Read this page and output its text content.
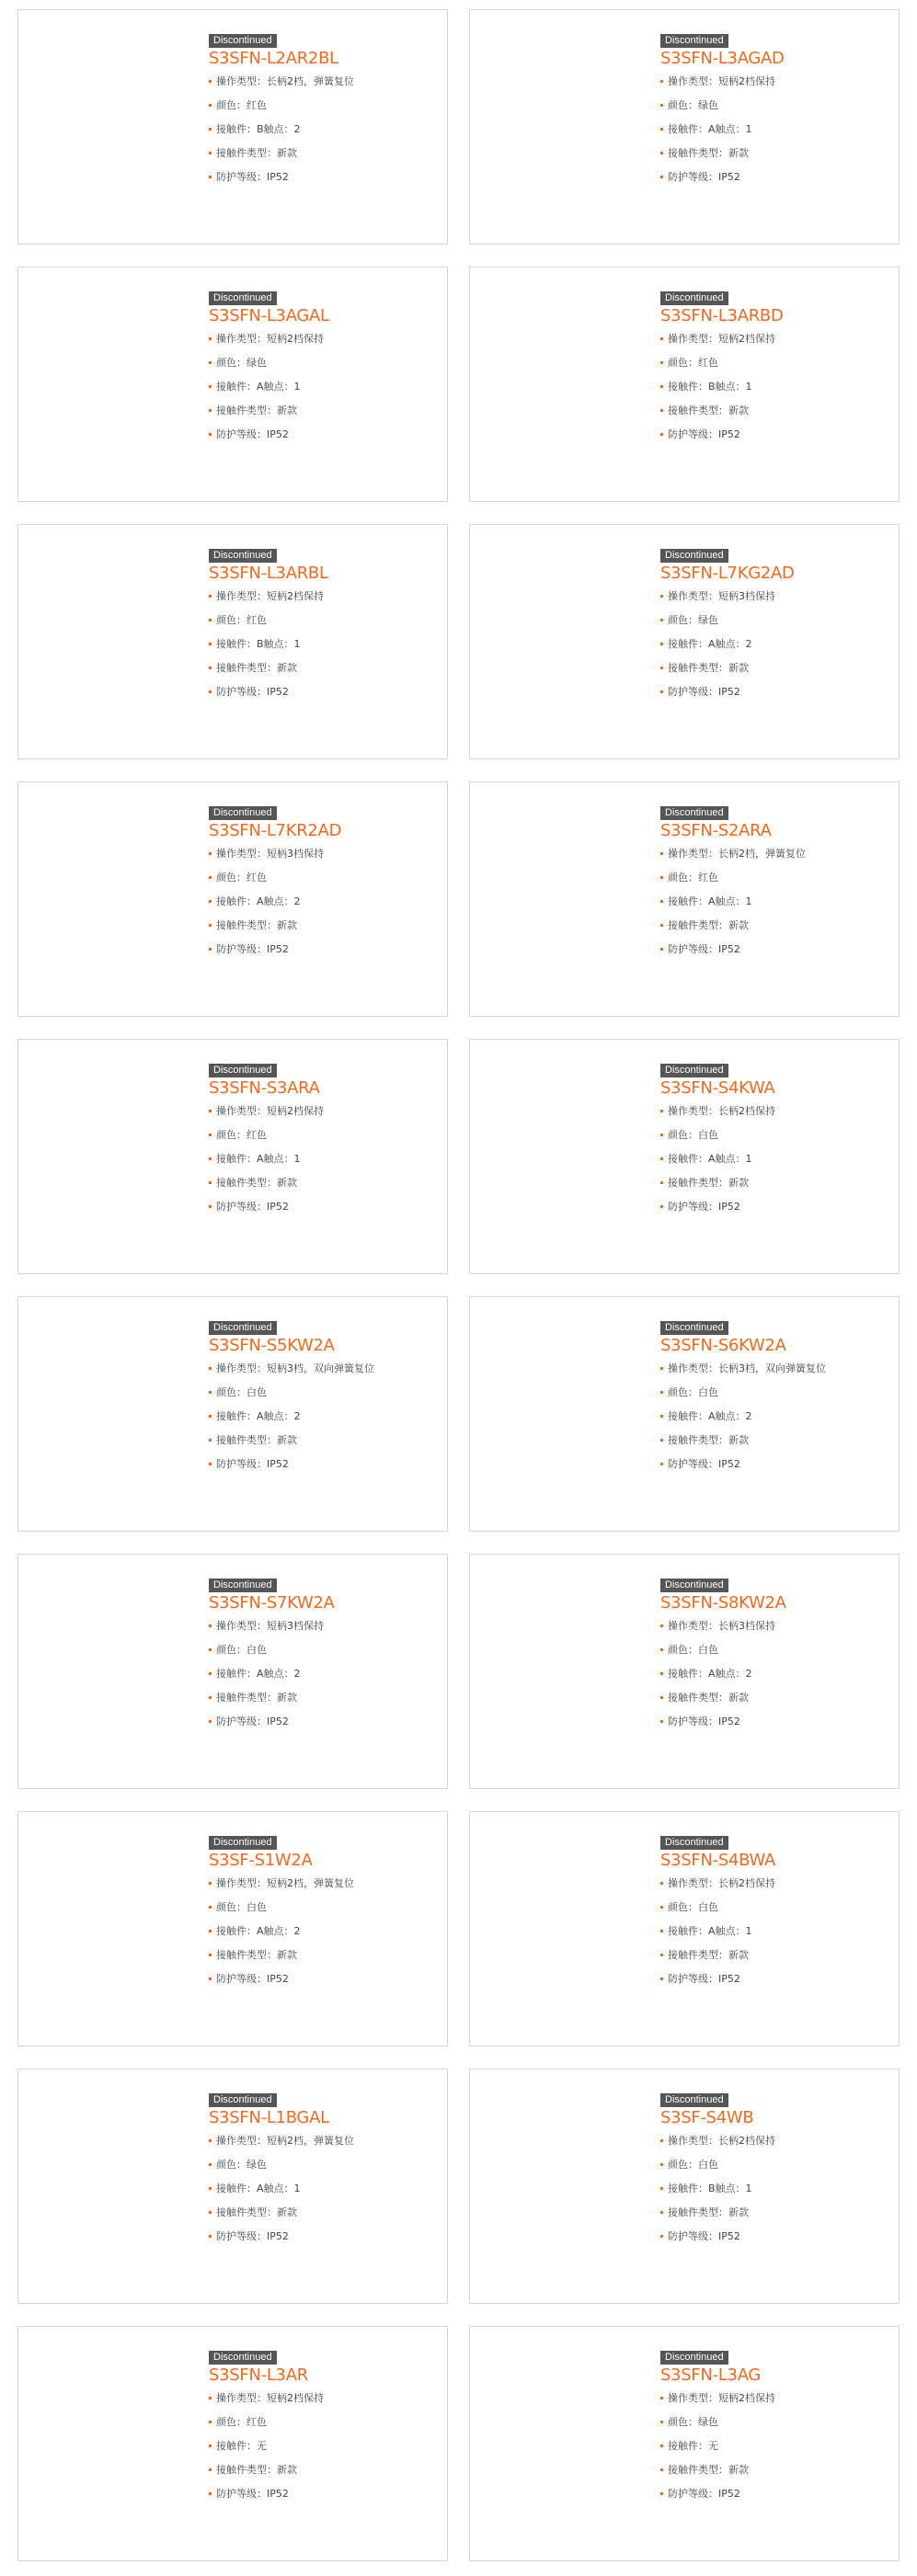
Discontinued
S3SFN-L2AR2BL
操作类型：长柄2档，弹簧复位
颜色：红色
接触件：B触点：2
接触件类型：新款
防护等级：IP52
Discontinued
S3SFN-L3AGAD
操作类型：短柄2档保持
颜色：绿色
接触件：A触点：1
接触件类型：新款
防护等级：IP52
Discontinued
S3SFN-L3AGAL
操作类型：短柄2档保持
颜色：绿色
接触件：A触点：1
接触件类型：新款
防护等级：IP52
Discontinued
S3SFN-L3ARBD
操作类型：短柄2档保持
颜色：红色
接触件：B触点：1
接触件类型：新款
防护等级：IP52
Discontinued
S3SFN-L3ARBL
操作类型：短柄2档保持
颜色：红色
接触件：B触点：1
接触件类型：新款
防护等级：IP52
Discontinued
S3SFN-L7KG2AD
操作类型：短柄3档保持
颜色：绿色
接触件：A触点：2
接触件类型：新款
防护等级：IP52
Discontinued
S3SFN-L7KR2AD
操作类型：短柄3档保持
颜色：红色
接触件：A触点：2
接触件类型：新款
防护等级：IP52
Discontinued
S3SFN-S2ARA
操作类型：长柄2档，弹簧复位
颜色：红色
接触件：A触点：1
接触件类型：新款
防护等级：IP52
Discontinued
S3SFN-S3ARA
操作类型：短柄2档保持
颜色：红色
接触件：A触点：1
接触件类型：新款
防护等级：IP52
Discontinued
S3SFN-S4KWA
操作类型：长柄2档保持
颜色：白色
接触件：A触点：1
接触件类型：新款
防护等级：IP52
Discontinued
S3SFN-S5KW2A
操作类型：短柄3档，双向弹簧复位
颜色：白色
接触件：A触点：2
接触件类型：新款
防护等级：IP52
Discontinued
S3SFN-S6KW2A
操作类型：长柄3档，双向弹簧复位
颜色：白色
接触件：A触点：2
接触件类型：新款
防护等级：IP52
Discontinued
S3SFN-S7KW2A
操作类型：短柄3档保持
颜色：白色
接触件：A触点：2
接触件类型：新款
防护等级：IP52
Discontinued
S3SFN-S8KW2A
操作类型：长柄3档保持
颜色：白色
接触件：A触点：2
接触件类型：新款
防护等级：IP52
Discontinued
S3SF-S1W2A
操作类型：短柄2档，弹簧复位
颜色：白色
接触件：A触点：2
接触件类型：新款
防护等级：IP52
Discontinued
S3SFN-S4BWA
操作类型：长柄2档保持
颜色：白色
接触件：A触点：1
接触件类型：新款
防护等级：IP52
Discontinued
S3SFN-L1BGAL
操作类型：短柄2档，弹簧复位
颜色：绿色
接触件：A触点：1
接触件类型：新款
防护等级：IP52
Discontinued
S3SF-S4WB
操作类型：长柄2档保持
颜色：白色
接触件：B触点：1
接触件类型：新款
防护等级：IP52
Discontinued
S3SFN-L3AR
操作类型：短柄2档保持
颜色：红色
接触件：无
接触件类型：新款
防护等级：IP52
Discontinued
S3SFN-L3AG
操作类型：短柄2档保持
颜色：绿色
接触件：无
接触件类型：新款
防护等级：IP52
